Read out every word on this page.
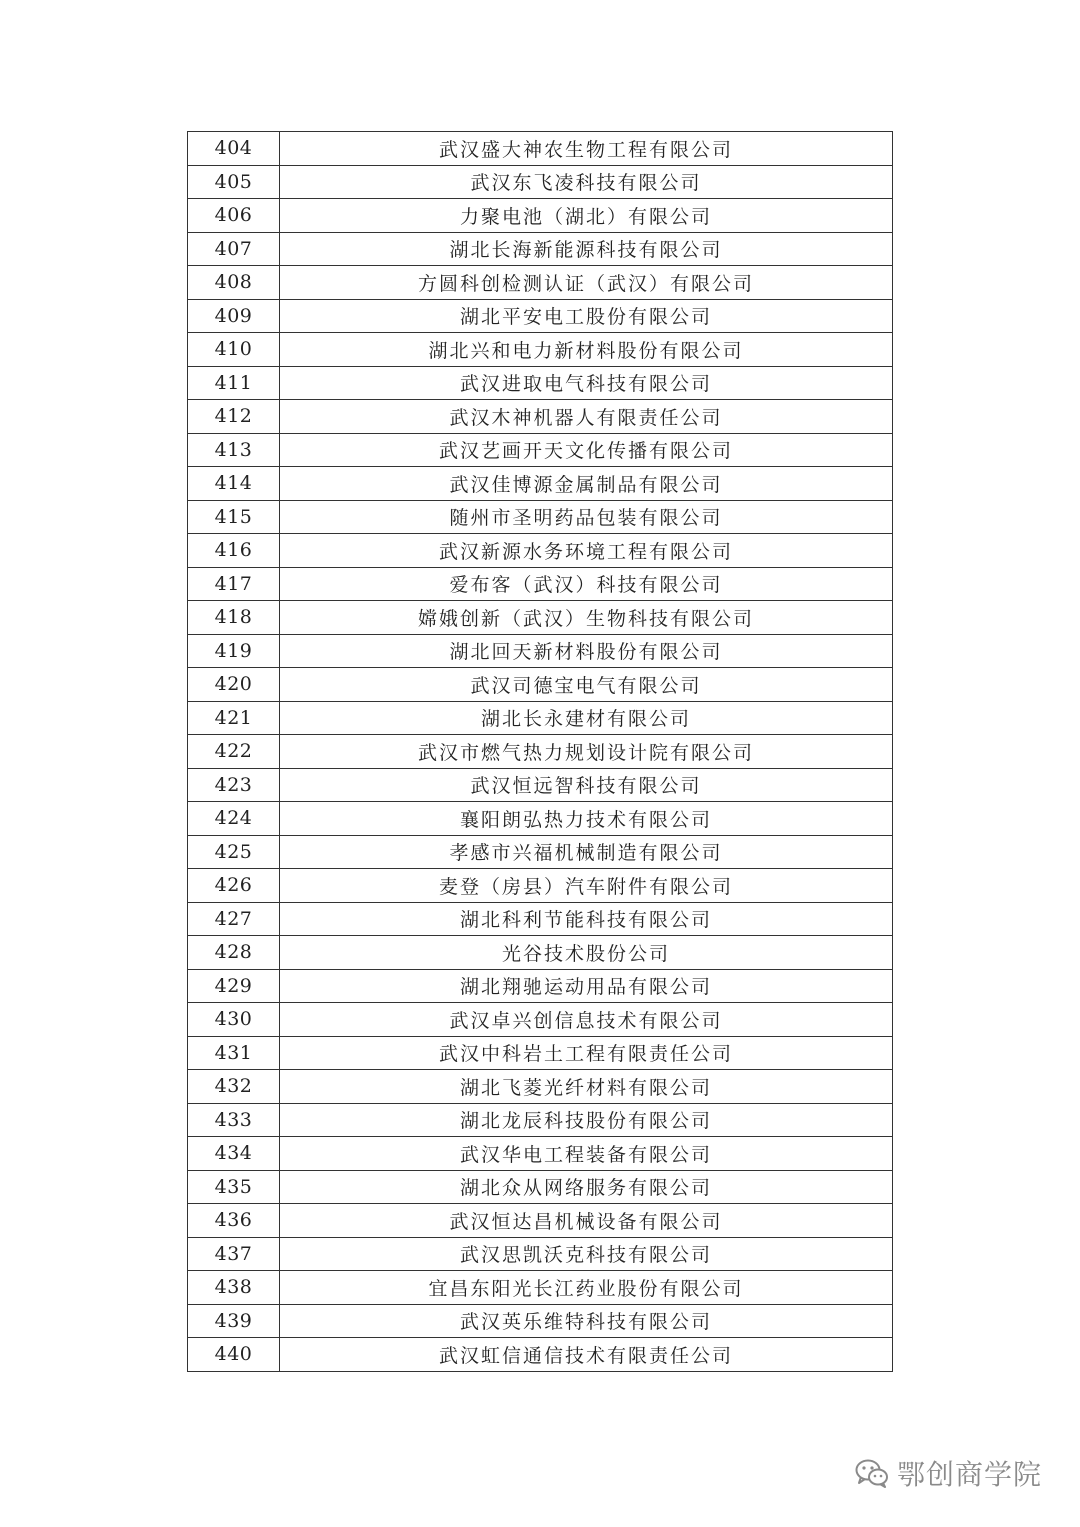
404	武汉盛大神农生物工程有限公司
405	武汉东飞凌科技有限公司
406	力聚电池（湖北）有限公司
407	湖北长海新能源科技有限公司
408	方圆科创检测认证（武汉）有限公司
409	湖北平安电工股份有限公司
410	湖北兴和电力新材料股份有限公司
411	武汉进取电气科技有限公司
412	武汉木神机器人有限责任公司
413	武汉艺画开天文化传播有限公司
414	武汉佳博源金属制品有限公司
415	随州市圣明药品包装有限公司
416	武汉新源水务环境工程有限公司
417	爱布客（武汉）科技有限公司
418	嫦娥创新（武汉）生物科技有限公司
419	湖北回天新材料股份有限公司
420	武汉司德宝电气有限公司
421	湖北长永建材有限公司
422	武汉市燃气热力规划设计院有限公司
423	武汉恒远智科技有限公司
424	襄阳朗弘热力技术有限公司
425	孝感市兴福机械制造有限公司
426	麦登（房县）汽车附件有限公司
427	湖北科利节能科技有限公司
428	光谷技术股份公司
429	湖北翔驰运动用品有限公司
430	武汉卓兴创信息技术有限公司
431	武汉中科岩土工程有限责任公司
432	湖北飞菱光纤材料有限公司
433	湖北龙辰科技股份有限公司
434	武汉华电工程装备有限公司
435	湖北众从网络服务有限公司
436	武汉恒达昌机械设备有限公司
437	武汉思凯沃克科技有限公司
438	宜昌东阳光长江药业股份有限公司
439	武汉英乐维特科技有限公司
440	武汉虹信通信技术有限责任公司
鄂创商学院
